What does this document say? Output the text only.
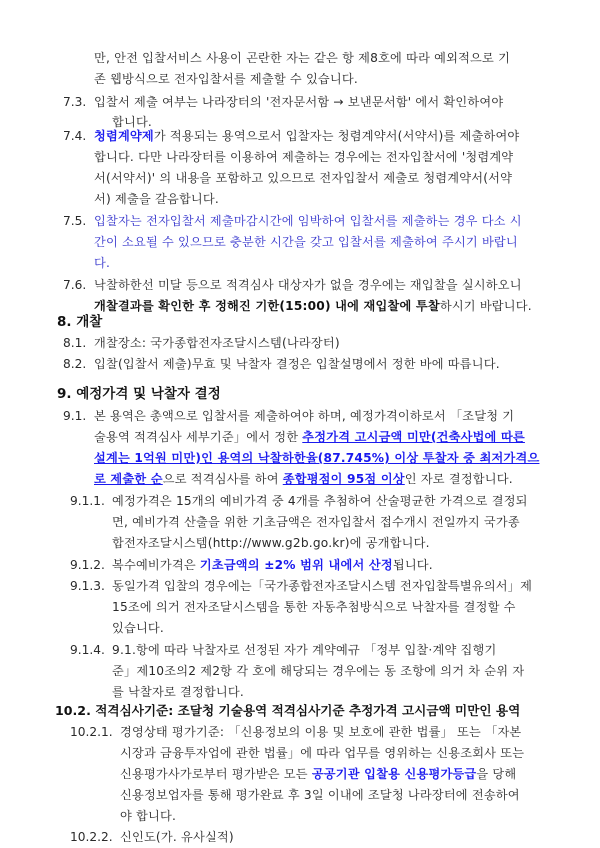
만, 안전 입찰서비스 사용이 곤란한 자는 같은 항 제8호에 따라 예외적으로 기
존 웹방식으로 전자입찰서를 제출할 수 있습니다.
7.3. 입찰서 제출 여부는 나라장터의 '전자문서함 → 보낸문서함' 에서 확인하여야
합니다.
7.4. 청렴계약제가 적용되는 용역으로서 입찰자는 청렴계약서(서약서)를 제출하여야
합니다. 다만 나라장터를 이용하여 제출하는 경우에는 전자입찰서에 '청렴계약
서(서약서)' 의 내용을 포함하고 있으므로 전자입찰서 제출로 청렴계약서(서약
서) 제출을 갈음합니다.
7.5. 입찰자는 전자입찰서 제출마감시간에 임박하여 입찰서를 제출하는 경우 다소 시
간이 소요될 수 있으므로 충분한 시간을 갖고 입찰서를 제출하여 주시기 바랍니
다.
7.6. 낙찰하한선 미달 등으로 적격심사 대상자가 없을 경우에는 재입찰을 실시하오니
개찰결과를 확인한 후 정해진 기한(15:00) 내에 재입찰에 투찰하시기 바랍니다.
8. 개찰
8.1. 개찰장소: 국가종합전자조달시스템(나라장터)
8.2. 입찰(입찰서 제출)무효 및 낙찰자 결정은 입찰설명에서 정한 바에 따릅니다.
9. 예정가격 및 낙찰자 결정
9.1. 본 용역은 총액으로 입찰서를 제출하여야 하며, 예정가격이하로서 「조달청 기
술용역 적격심사 세부기준」에서 정한 추정가격 고시금액 미만(건축사법에 따른
설계는 1억원 미만)인 용역의 낙찰하한율(87.745%) 이상 투찰자 중 최저가격으
로 제출한 순으로 적격심사를 하여 종합평점이 95점 이상인 자로 결정합니다.
9.1.1. 예정가격은 15개의 예비가격 중 4개를 추첨하여 산술평균한 가격으로 결정되
면, 예비가격 산출을 위한 기초금액은 전자입찰서 접수개시 전일까지 국가종
합전자조달시스템(http://www.g2b.go.kr)에 공개합니다.
9.1.2. 복수예비가격은 기초금액의 ±2% 범위 내에서 산정됩니다.
9.1.3. 동일가격 입찰의 경우에는「국가종합전자조달시스템 전자입찰특별유의서」제
15조에 의거 전자조달시스템을 통한 자동추첨방식으로 낙찰자를 결정할 수
있습니다.
9.1.4. 9.1.항에 따라 낙찰자로 선정된 자가 계약예규 「정부 입찰·계약 집행기
준」제10조의2 제2항 각 호에 해당되는 경우에는 동 조항에 의거 차 순위 자
를 낙찰자로 결정합니다.
10.2. 적격심사기준: 조달청 기술용역 적격심사기준 추정가격 고시금액 미만인 용역
10.2.1. 경영상태 평가기준: 「신용정보의 이용 및 보호에 관한 법률」 또는 「자본
시장과 금융투자업에 관한 법률」에 따라 업무를 영위하는 신용조회사 또는
신용평가사가로부터 평가받은 모든 공공기관 입찰용 신용평가등급을 당해
신용정보업자를 통해 평가완료 후 3일 이내에 조달청 나라장터에 전송하여
야 합니다.
10.2.2. 신인도(가. 유사실적)
